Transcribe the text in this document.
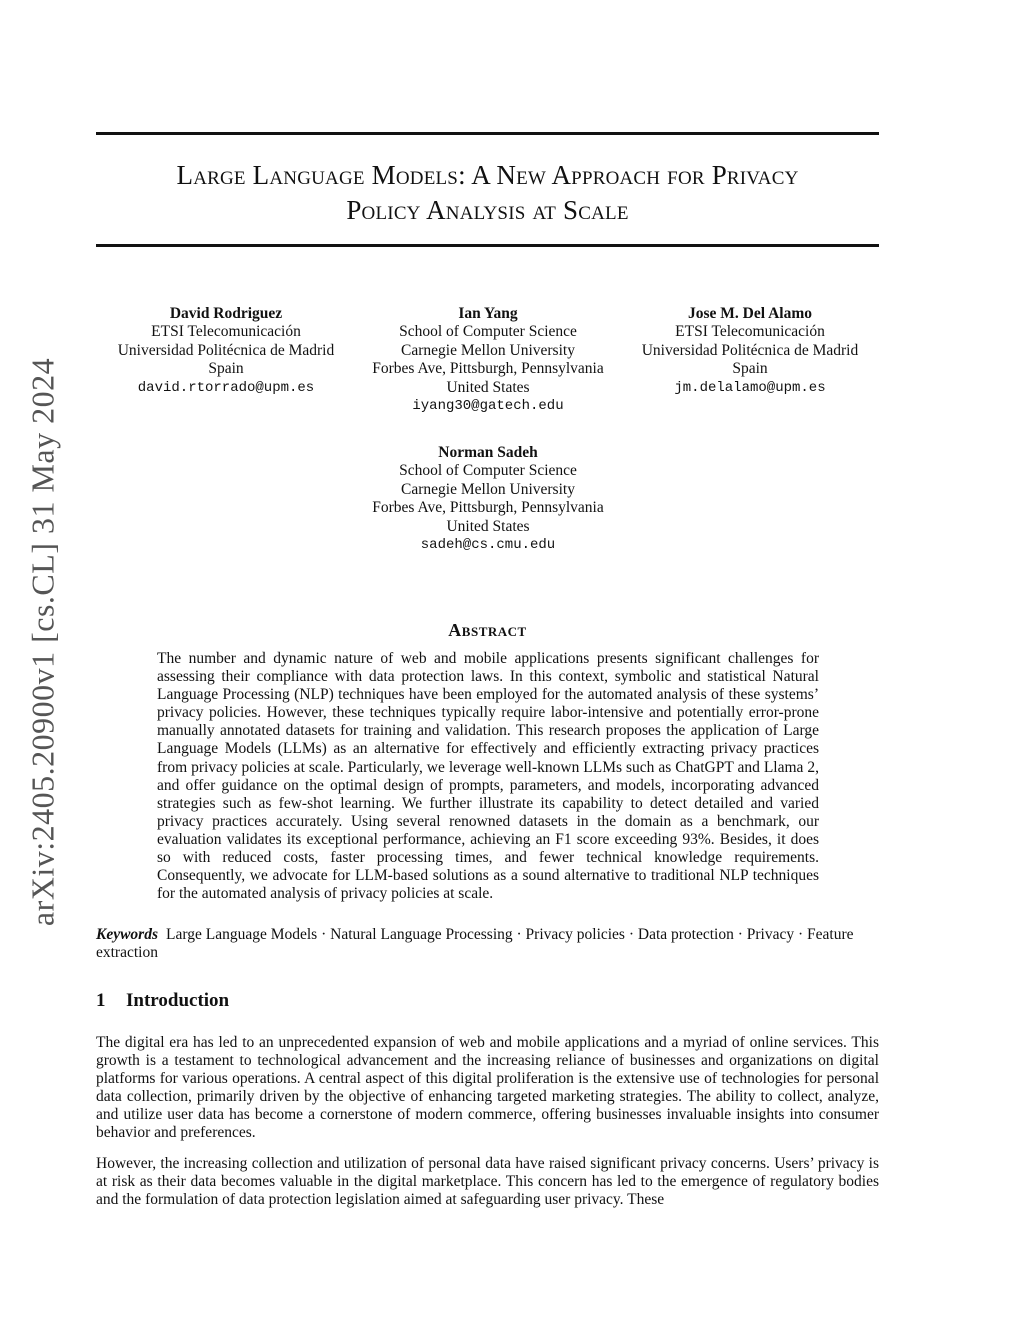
Large Language Models: A New Approach for Privacy
Policy Analysis at Scale
arXiv:2405.20900v1 [cs.CL] 31 May 2024
David Rodriguez
ETSI Telecomunicación
Universidad Politécnica de Madrid
Spain
david.rtorrado@upm.es
Ian Yang
School of Computer Science
Carnegie Mellon University
Forbes Ave, Pittsburgh, Pennsylvania
United States
iyang30@gatech.edu
Jose M. Del Alamo
ETSI Telecomunicación
Universidad Politécnica de Madrid
Spain
jm.delalamo@upm.es
Norman Sadeh
School of Computer Science
Carnegie Mellon University
Forbes Ave, Pittsburgh, Pennsylvania
United States
sadeh@cs.cmu.edu
Abstract

The number and dynamic nature of web and mobile applications presents significant challenges for assessing their compliance with data protection laws. In this context, symbolic and statistical Natural Language Processing (NLP) techniques have been employed for the automated analysis of these systems’ privacy policies. However, these techniques typically require labor-intensive and potentially error-prone manually annotated datasets for training and validation. This research proposes the application of Large Language Models (LLMs) as an alternative for effectively and efficiently extracting privacy practices from privacy policies at scale. Particularly, we leverage well-known LLMs such as ChatGPT and Llama 2, and offer guidance on the optimal design of prompts, parameters, and models, incorporating advanced strategies such as few-shot learning. We further illustrate its capability to detect detailed and varied privacy practices accurately. Using several renowned datasets in the domain as a benchmark, our evaluation validates its exceptional performance, achieving an F1 score exceeding 93%. Besides, it does so with reduced costs, faster processing times, and fewer technical knowledge requirements. Consequently, we advocate for LLM-based solutions as a sound alternative to traditional NLP techniques for the automated analysis of privacy policies at scale.

Keywords Large Language Models · Natural Language Processing · Privacy policies · Data protection · Privacy · Feature extraction

1 Introduction

The digital era has led to an unprecedented expansion of web and mobile applications and a myriad of online services. This growth is a testament to technological advancement and the increasing reliance of businesses and organizations on digital platforms for various operations. A central aspect of this digital proliferation is the extensive use of technologies for personal data collection, primarily driven by the objective of enhancing targeted marketing strategies. The ability to collect, analyze, and utilize user data has become a cornerstone of modern commerce, offering businesses invaluable insights into consumer behavior and preferences.

However, the increasing collection and utilization of personal data have raised significant privacy concerns. Users’ privacy is at risk as their data becomes valuable in the digital marketplace. This concern has led to the emergence of regulatory bodies and the formulation of data protection legislation aimed at safeguarding user privacy. These
